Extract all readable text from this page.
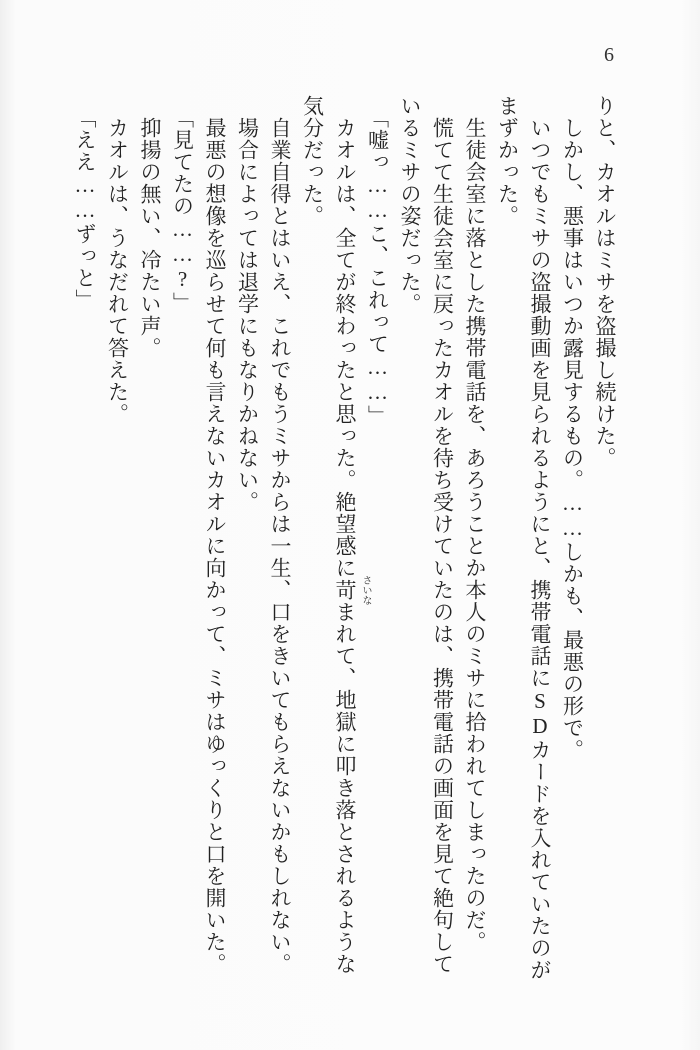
6

りと、カオルはミサを盗撮し続けた。

　しかし、悪事はいつか露見するもの。……しかも、最悪の形で。

　いつでもミサの盗撮動画を見られるようにと、携帯電話にSDカードを入れていたのがまずかった。

　生徒会室に落とした携帯電話を、あろうことか本人のミサに拾われてしまったのだ。

　慌てて生徒会室に戻ったカオルを待ち受けていたのは、携帯電話の画面を見て絶句しているミサの姿だった。

「嘘っ……こ、これって……」

　カオルは、全てが終わったと思った。絶望感に苛 さいな
まれて、地獄に叩き落とされるような気分だった。

　自業自得とはいえ、これでもうミサからは一生、口をきいてもらえないかもしれない。

　場合によっては退学にもなりかねない。

　最悪の想像を巡らせて何も言えないカオルに向かって、ミサはゆっくりと口を開いた。

「見てたの……?」

　抑揚の無い、冷たい声。

　カオルは、うなだれて答えた。

「ええ……ずっと」
